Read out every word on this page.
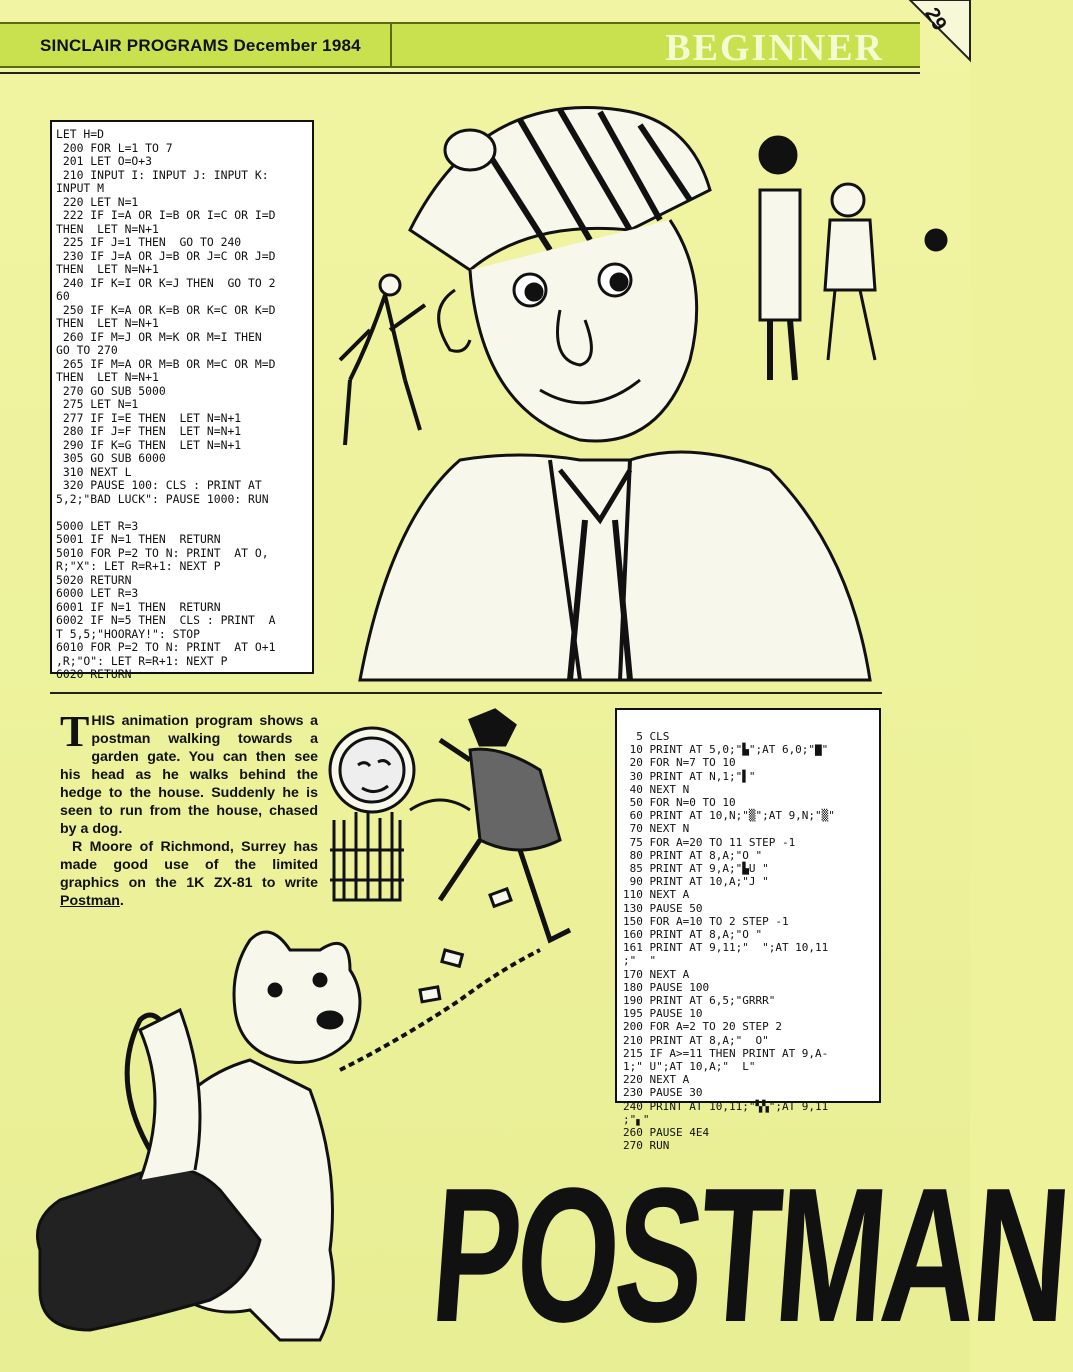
SINCLAIR PROGRAMS December 1984	BEGINNER
29
LET H=D
200 FOR L=1 TO 7
201 LET O=O+3
210 INPUT I: INPUT J: INPUT K:
INPUT M
220 LET N=1
222 IF I=A OR I=B OR I=C OR I=D
THEN  LET N=N+1
225 IF J=1 THEN  GO TO 240
230 IF J=A OR J=B OR J=C OR J=D
THEN  LET N=N+1
240 IF K=I OR K=J THEN  GO TO 2
60
250 IF K=A OR K=B OR K=C OR K=D
THEN  LET N=N+1
260 IF M=J OR M=K OR M=I THEN
GO TO 270
265 IF M=A OR M=B OR M=C OR M=D
THEN  LET N=N+1
270 GO SUB 5000
275 LET N=1
277 IF I=E THEN  LET N=N+1
280 IF J=F THEN  LET N=N+1
290 IF K=G THEN  LET N=N+1
305 GO SUB 6000
310 NEXT L
320 PAUSE 100: CLS : PRINT AT
5,2;"BAD LUCK": PAUSE 1000: RUN

5000 LET R=3
5001 IF N=1 THEN  RETURN
5010 FOR P=2 TO N: PRINT  AT O,
R;"X": LET R=R+1: NEXT P
5020 RETURN
6000 LET R=3
6001 IF N=1 THEN  RETURN
6002 IF N=5 THEN  CLS : PRINT  A
T 5,5;"HOORAY!": STOP
6010 FOR P=2 TO N: PRINT  AT O+1
,R;"O": LET R=R+1: NEXT P
6020 RETURN

THIS animation program shows a postman walking towards a garden gate. You can then see his head as he walks behind the hedge to the house. Suddenly he is seen to run from the house, chased by a dog.

R Moore of Richmond, Surrey has made good use of the limited graphics on the 1K ZX-81 to write Postman.

5 CLS
10 PRINT AT 5,0;"▙";AT 6,0;"▇"
20 FOR N=7 TO 10
30 PRINT AT N,1;"▌"
40 NEXT N
50 FOR N=0 TO 10
60 PRINT AT 10,N;"▒";AT 9,N;"▒"
70 NEXT N
75 FOR A=20 TO 11 STEP -1
80 PRINT AT 8,A;"O "
85 PRINT AT 9,A;"▙U "
90 PRINT AT 10,A;"J "
110 NEXT A
130 PAUSE 50
150 FOR A=10 TO 2 STEP -1
160 PRINT AT 8,A;"O "
161 PRINT AT 9,11;"  ";AT 10,11
;"  "
170 NEXT A
180 PAUSE 100
190 PRINT AT 6,5;"GRRR"
195 PAUSE 10
200 FOR A=2 TO 20 STEP 2
210 PRINT AT 8,A;"  O"
215 IF A>=11 THEN PRINT AT 9,A-
1;" U";AT 10,A;"  L"
220 NEXT A
230 PAUSE 30
240 PRINT AT 10,11;"▚▚";AT 9,11
;"▖"
260 PAUSE 4E4
270 RUN
POSTMAN
